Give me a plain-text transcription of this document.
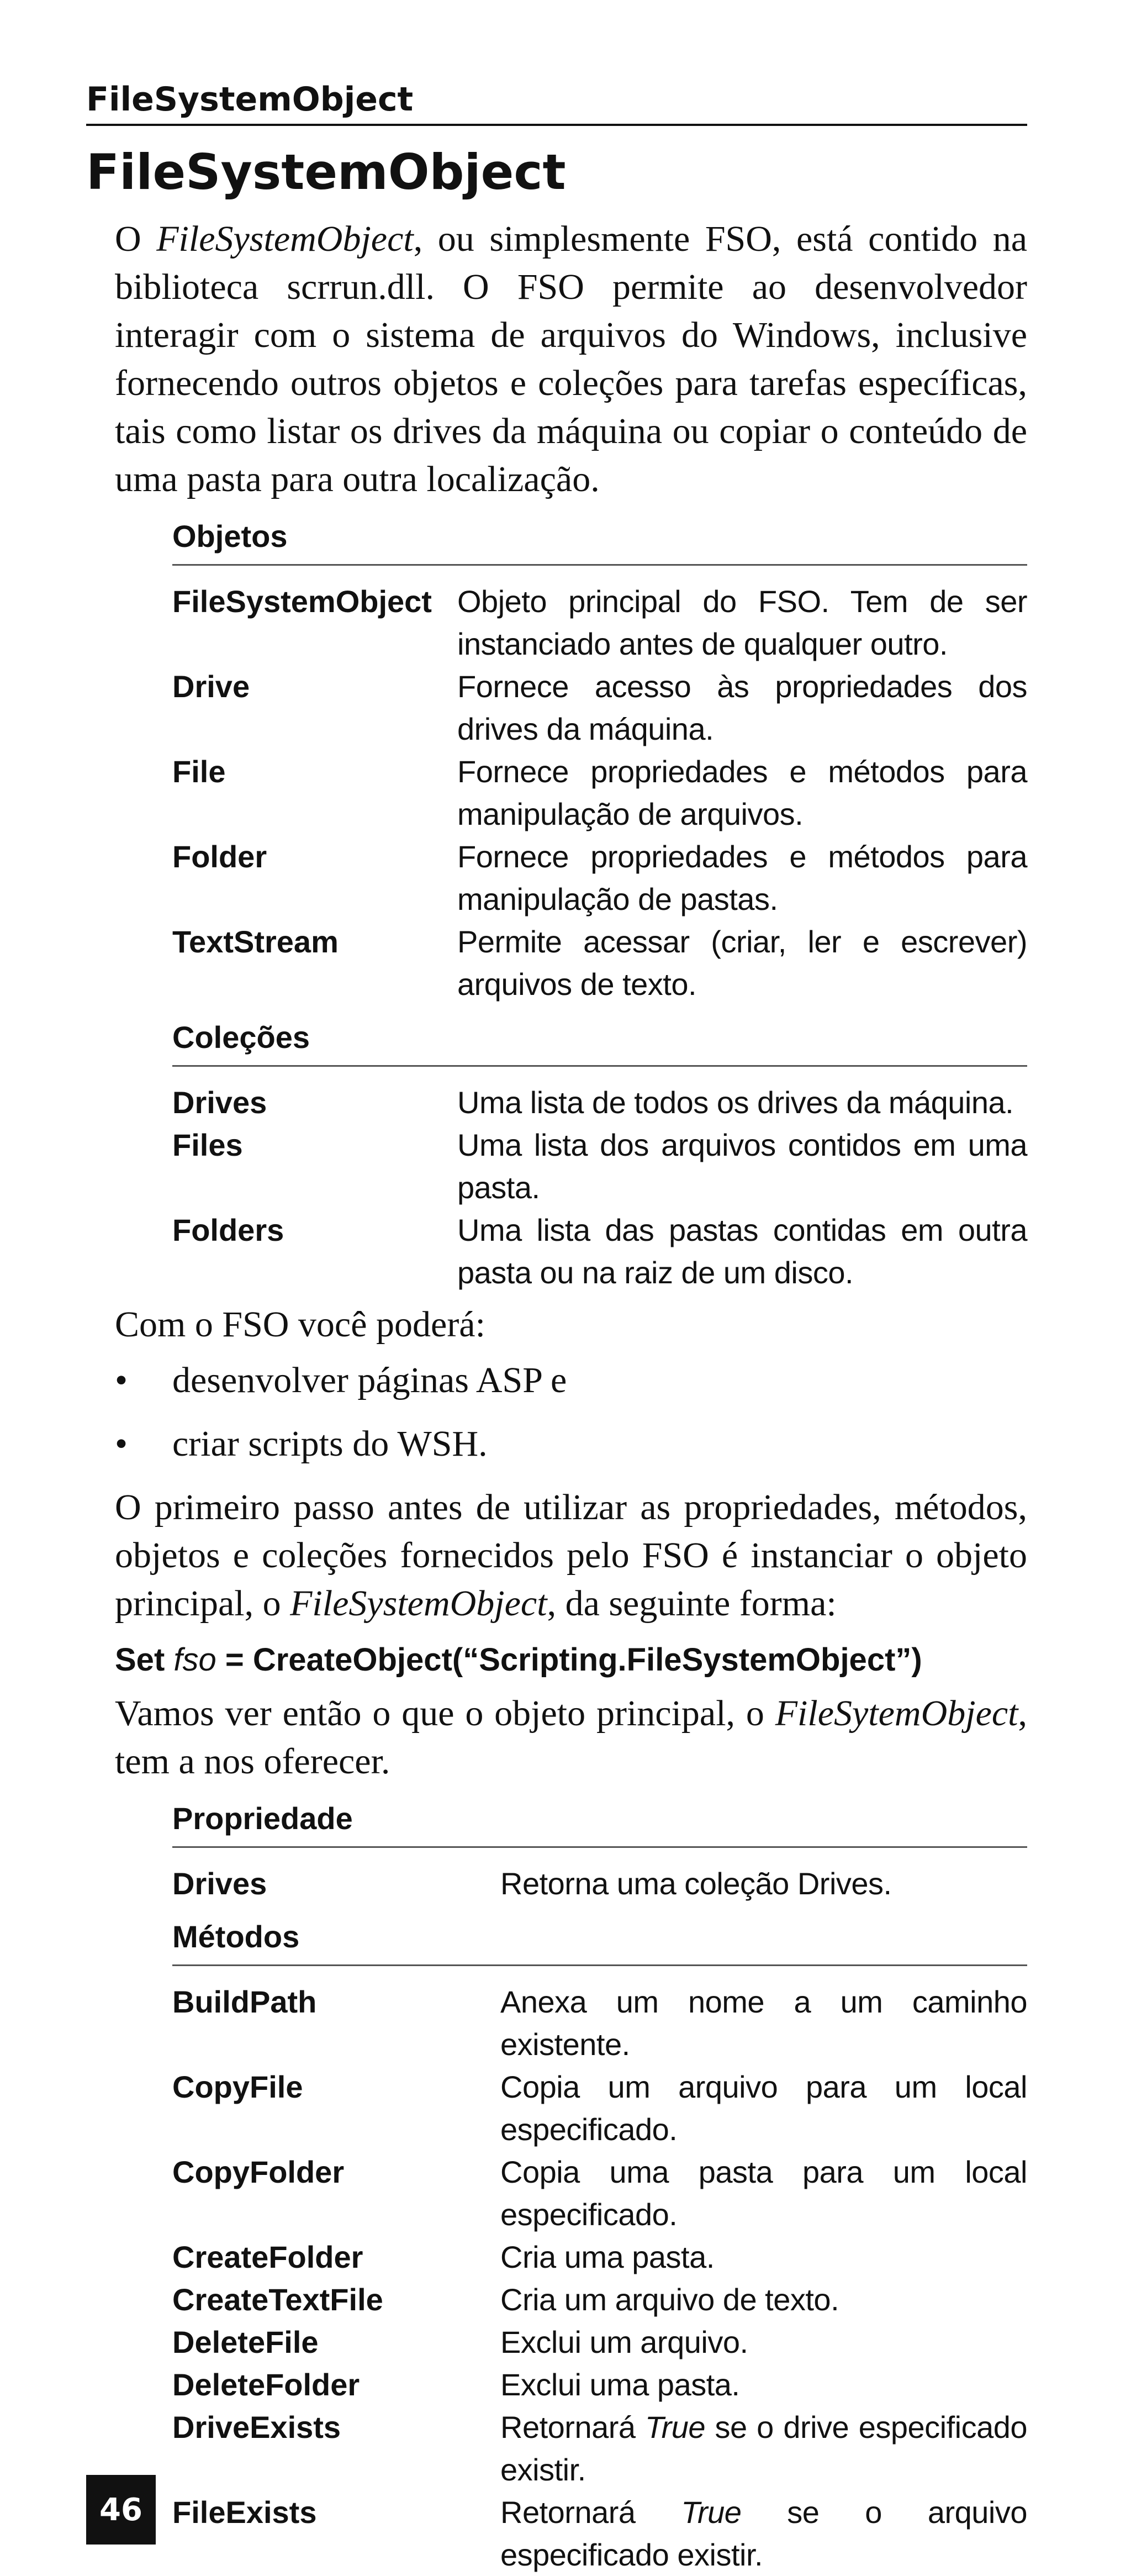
FileSystemObject
FileSystemObject

O FileSystemObject, ou simplesmente FSO, está contido na biblioteca scrrun.dll. O FSO permite ao desenvolvedor interagir com o sistema de arquivos do Windows, inclusive fornecendo outros objetos e coleções para tarefas específicas, tais como listar os drives da máquina ou copiar o conteúdo de uma pasta para outra localização.

Objetos
FileSystemObject Objeto principal do FSO. Tem de ser instanciado antes de qualquer outro.
Drive	Fornece acesso às propriedades dos drives da máquina.
File	Fornece propriedades e métodos para manipulação de arquivos.
Folder	Fornece propriedades e métodos para manipulação de pastas.
TextStream	Permite acessar (criar, ler e escrever) arquivos de texto.
Coleções
Drives	Uma lista de todos os drives da máquina.
Files	Uma lista dos arquivos contidos em uma pasta.
Folders	Uma lista das pastas contidas em outra pasta ou na raiz de um disco.

Com o FSO você poderá:

•	desenvolver páginas ASP e
•	criar scripts do WSH.

O primeiro passo antes de utilizar as propriedades, métodos, objetos e coleções fornecidos pelo FSO é instanciar o objeto principal, o FileSystemObject, da seguinte forma:

Set fso = CreateObject(“Scripting.FileSystemObject”)

Vamos ver então o que o objeto principal, o FileSytemObject, tem a nos oferecer.

Propriedade
Drives	Retorna uma coleção Drives.
Métodos
BuildPath	Anexa um nome a um caminho existente.
CopyFile	Copia um arquivo para um local especificado.
CopyFolder	Copia uma pasta para um local especificado.
CreateFolder	Cria uma pasta.
CreateTextFile	Cria um arquivo de texto.
DeleteFile	Exclui um arquivo.
DeleteFolder	Exclui uma pasta.
DriveExists	Retornará True se o drive especificado existir.
FileExists	Retornará True se o arquivo especificado existir.
46
